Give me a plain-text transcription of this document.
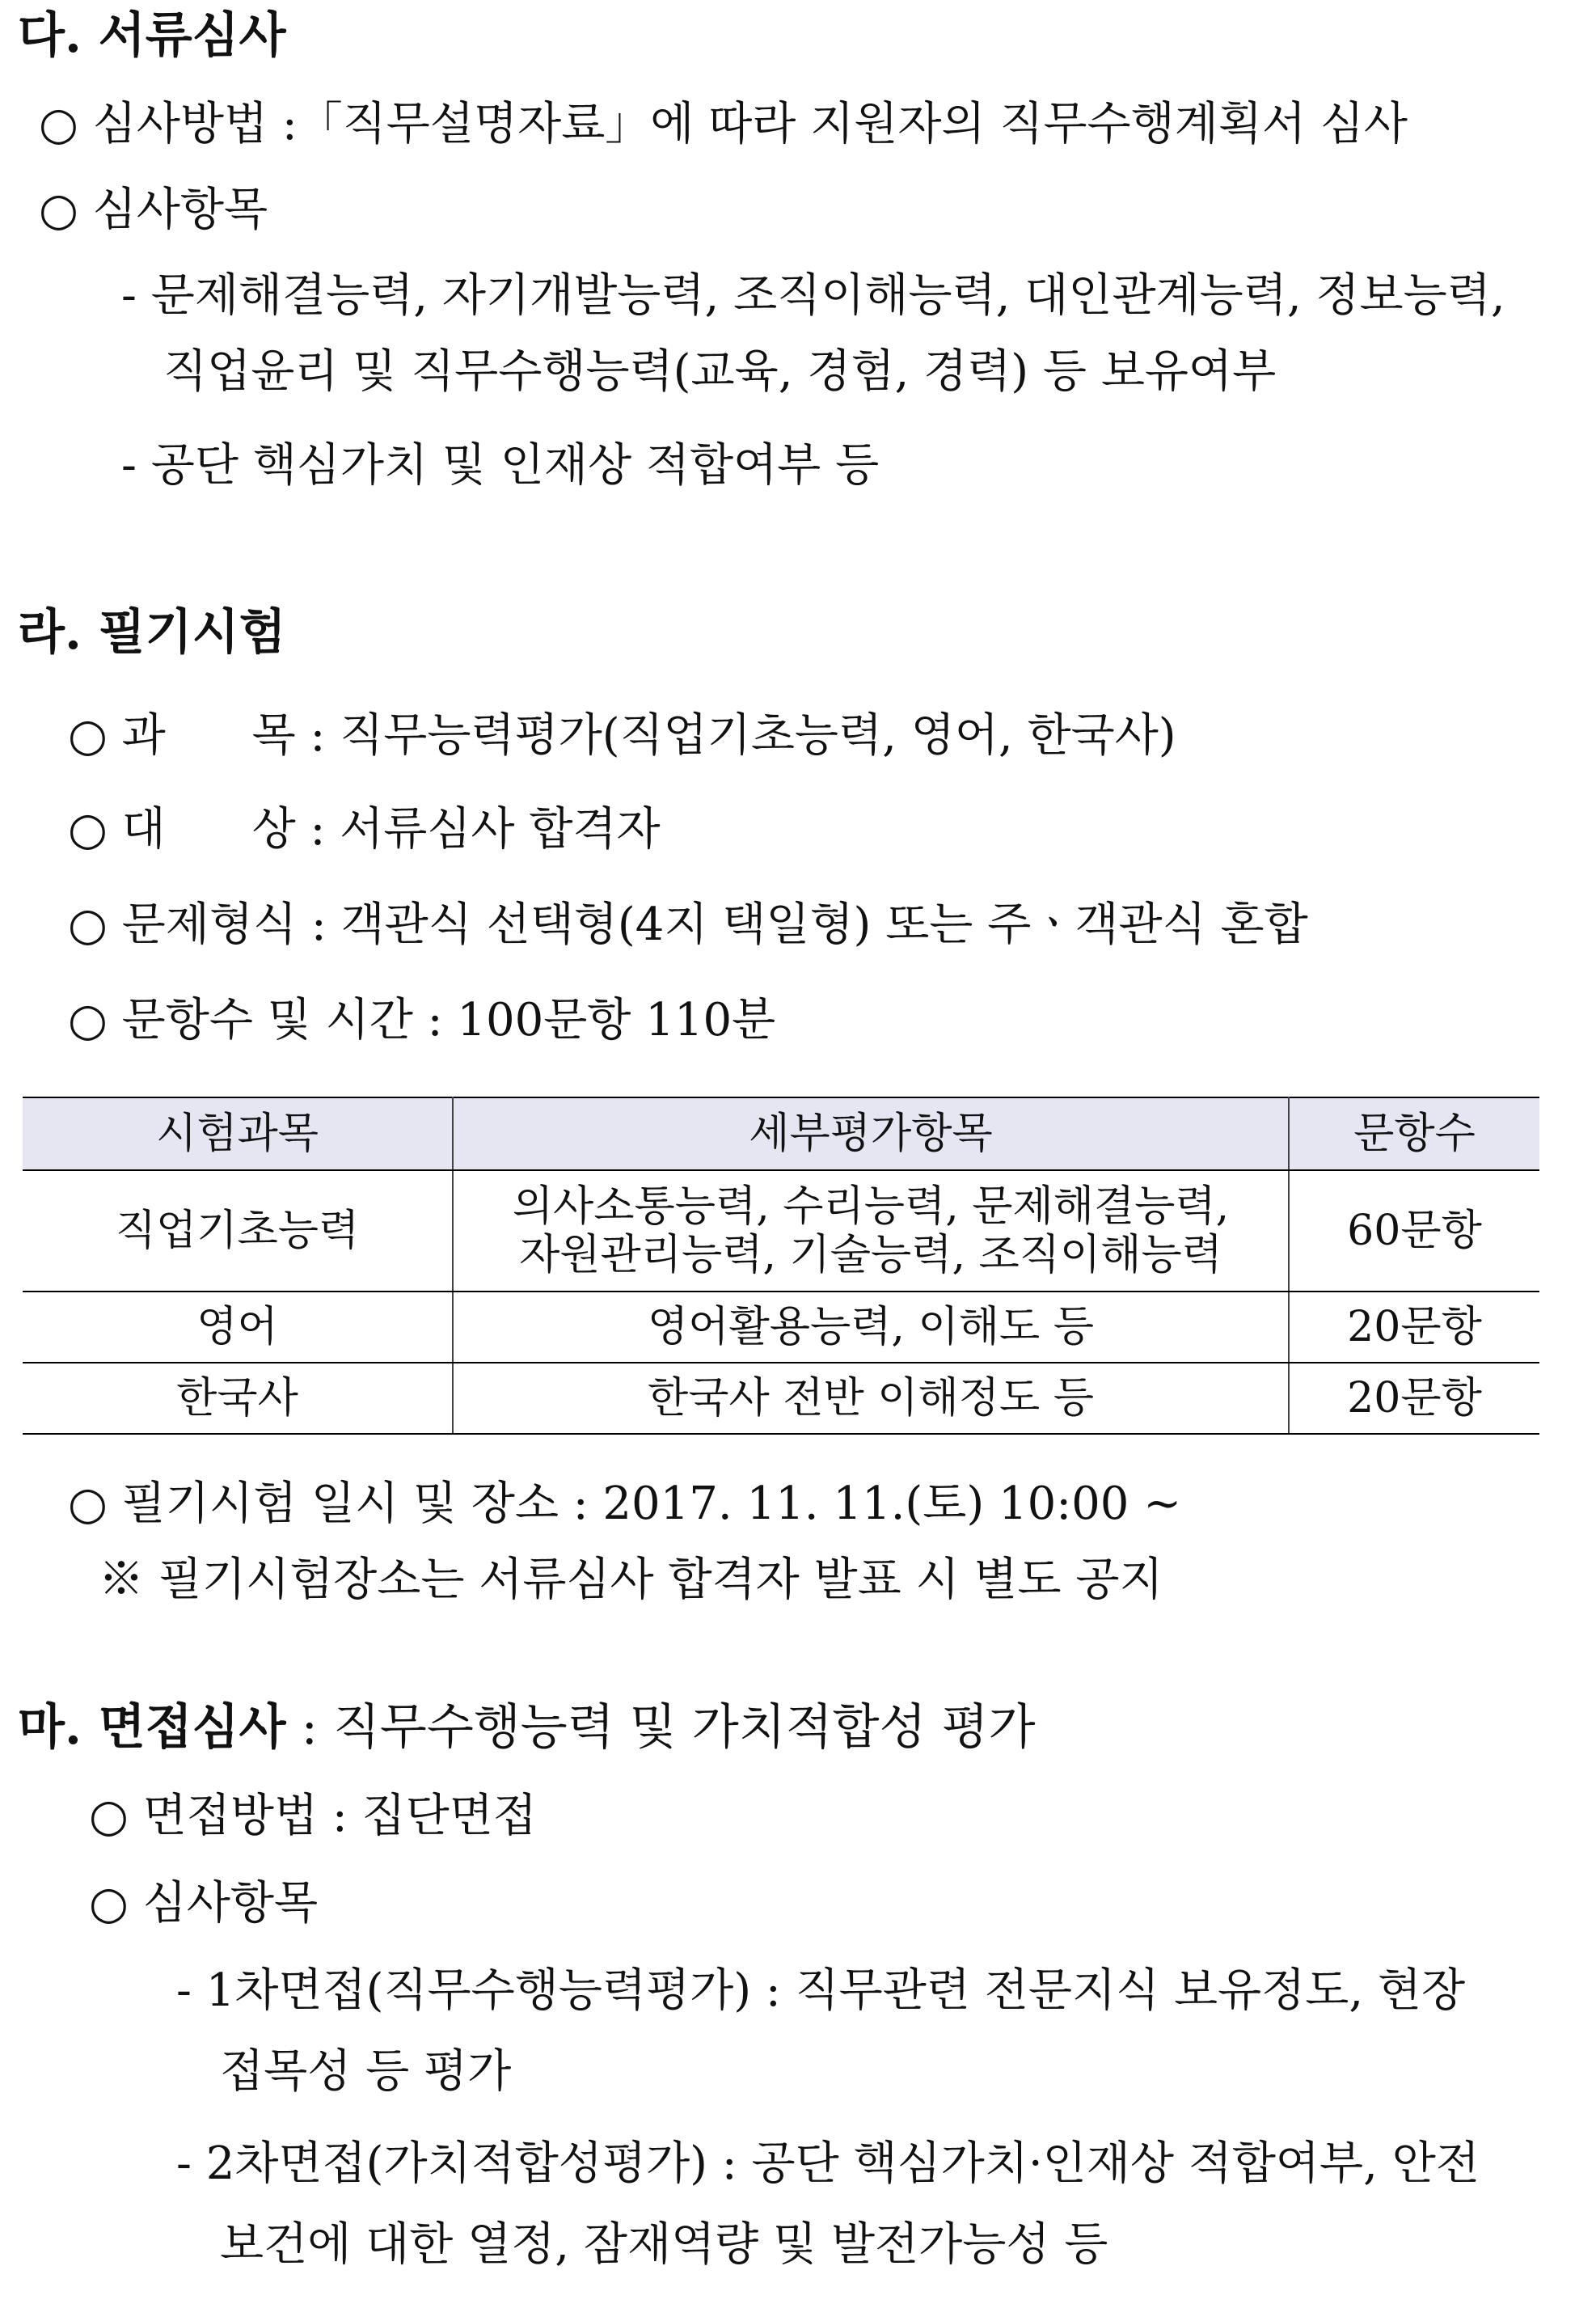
다. 서류심사
○ 심사방법 :「직무설명자료」에 따라 지원자의 직무수행계획서 심사
○ 심사항목
- 문제해결능력, 자기개발능력, 조직이해능력, 대인관계능력, 정보능력,
직업윤리 및 직무수행능력(교육, 경험, 경력) 등 보유여부
- 공단 핵심가치 및 인재상 적합여부 등
라. 필기시험
○ 과      목 : 직무능력평가(직업기초능력, 영어, 한국사)
○ 대      상 : 서류심사 합격자
○ 문제형식 : 객관식 선택형(4지 택일형) 또는 주ㆍ객관식 혼합
○ 문항수 및 시간 : 100문항 110분
시험과목	세부평가항목	문항수
직업기초능력	의사소통능력, 수리능력, 문제해결능력,
자원관리능력, 기술능력, 조직이해능력	60문항
영어	영어활용능력, 이해도 등	20문항
한국사	한국사 전반 이해정도 등	20문항
○ 필기시험 일시 및 장소 : 2017. 11. 11.(토) 10:00 ~
※ 필기시험장소는 서류심사 합격자 발표 시 별도 공지
마. 면접심사 : 직무수행능력 및 가치적합성 평가
○ 면접방법 : 집단면접
○ 심사항목
- 1차면접(직무수행능력평가) : 직무관련 전문지식 보유정도, 현장
접목성 등 평가
- 2차면접(가치적합성평가) : 공단 핵심가치·인재상 적합여부, 안전
보건에 대한 열정, 잠재역량 및 발전가능성 등
